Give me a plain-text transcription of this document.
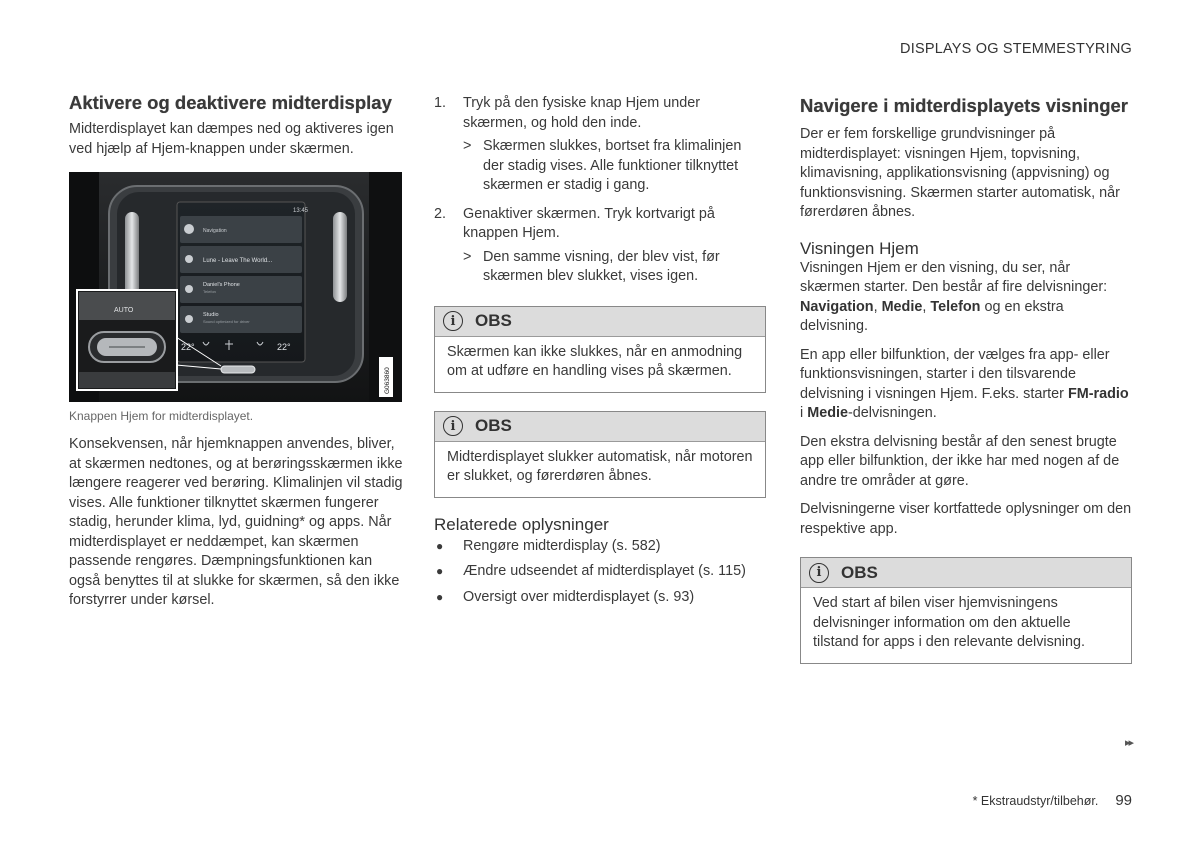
DISPLAYS OG STEMMESTYRING
Aktivere og deaktivere midterdisplay

Midterdisplayet kan dæmpes ned og aktiveres igen ved hjælp af Hjem-knappen under skærmen.

13:45
Navigation
Lune - Leave The World...
Daniel's Phone
Telefon
Studio
Sound optimized for driver
22°	22°
AUTO
G063860
Knappen Hjem for midterdisplayet.

Konsekvensen, når hjemknappen anvendes, bliver, at skærmen nedtones, og at berøringsskærmen ikke længere reagerer ved berøring. Klimalinjen vil stadig vises. Alle funktioner tilknyttet skærmen fungerer stadig, herunder klima, lyd, guidning* og apps. Når midterdisplayet er neddæmpet, kan skærmen passende rengøres. Dæmpningsfunktionen kan også benyttes til at slukke for skærmen, så den ikke forstyrrer under kørsel.

1.	Tryk på den fysiske knap Hjem under skærmen, og hold den inde.
> Skærmen slukkes, bortset fra klimalinjen der stadig vises. Alle funktioner tilknyttet skærmen er stadig i gang.
2.	Genaktiver skærmen. Tryk kortvarigt på knappen Hjem.
> Den samme visning, der blev vist, før skærmen blev slukket, vises igen.
i	OBS
Skærmen kan ikke slukkes, når en anmodning om at udføre en handling vises på skærmen.
i	OBS
Midterdisplayet slukker automatisk, når motoren er slukket, og førerdøren åbnes.
Relaterede oplysninger
●	Rengøre midterdisplay (s. 582)
●	Ændre udseendet af midterdisplayet (s. 115)
●	Oversigt over midterdisplayet (s. 93)
Navigere i midterdisplayets visninger

Der er fem forskellige grundvisninger på midterdisplayet: visningen Hjem, topvisning, klimavisning, applikationsvisning (appvisning) og funktionsvisning. Skærmen starter automatisk, når førerdøren åbnes.

Visningen Hjem

Visningen Hjem er den visning, du ser, når skærmen starter. Den består af fire delvisninger: Navigation, Medie, Telefon og en ekstra delvisning.

En app eller bilfunktion, der vælges fra app- eller funktionsvisningen, starter i den tilsvarende delvisning i visningen Hjem. F.eks. starter FM-radio i Medie-delvisningen.

Den ekstra delvisning består af den senest brugte app eller bilfunktion, der ikke har med nogen af de andre tre områder at gøre.

Delvisningerne viser kortfattede oplysninger om den respektive app.

i	OBS
Ved start af bilen viser hjemvisningens delvisninger information om den aktuelle tilstand for apps i den relevante delvisning.
▸▸
* Ekstraudstyr/tilbehør. 99
